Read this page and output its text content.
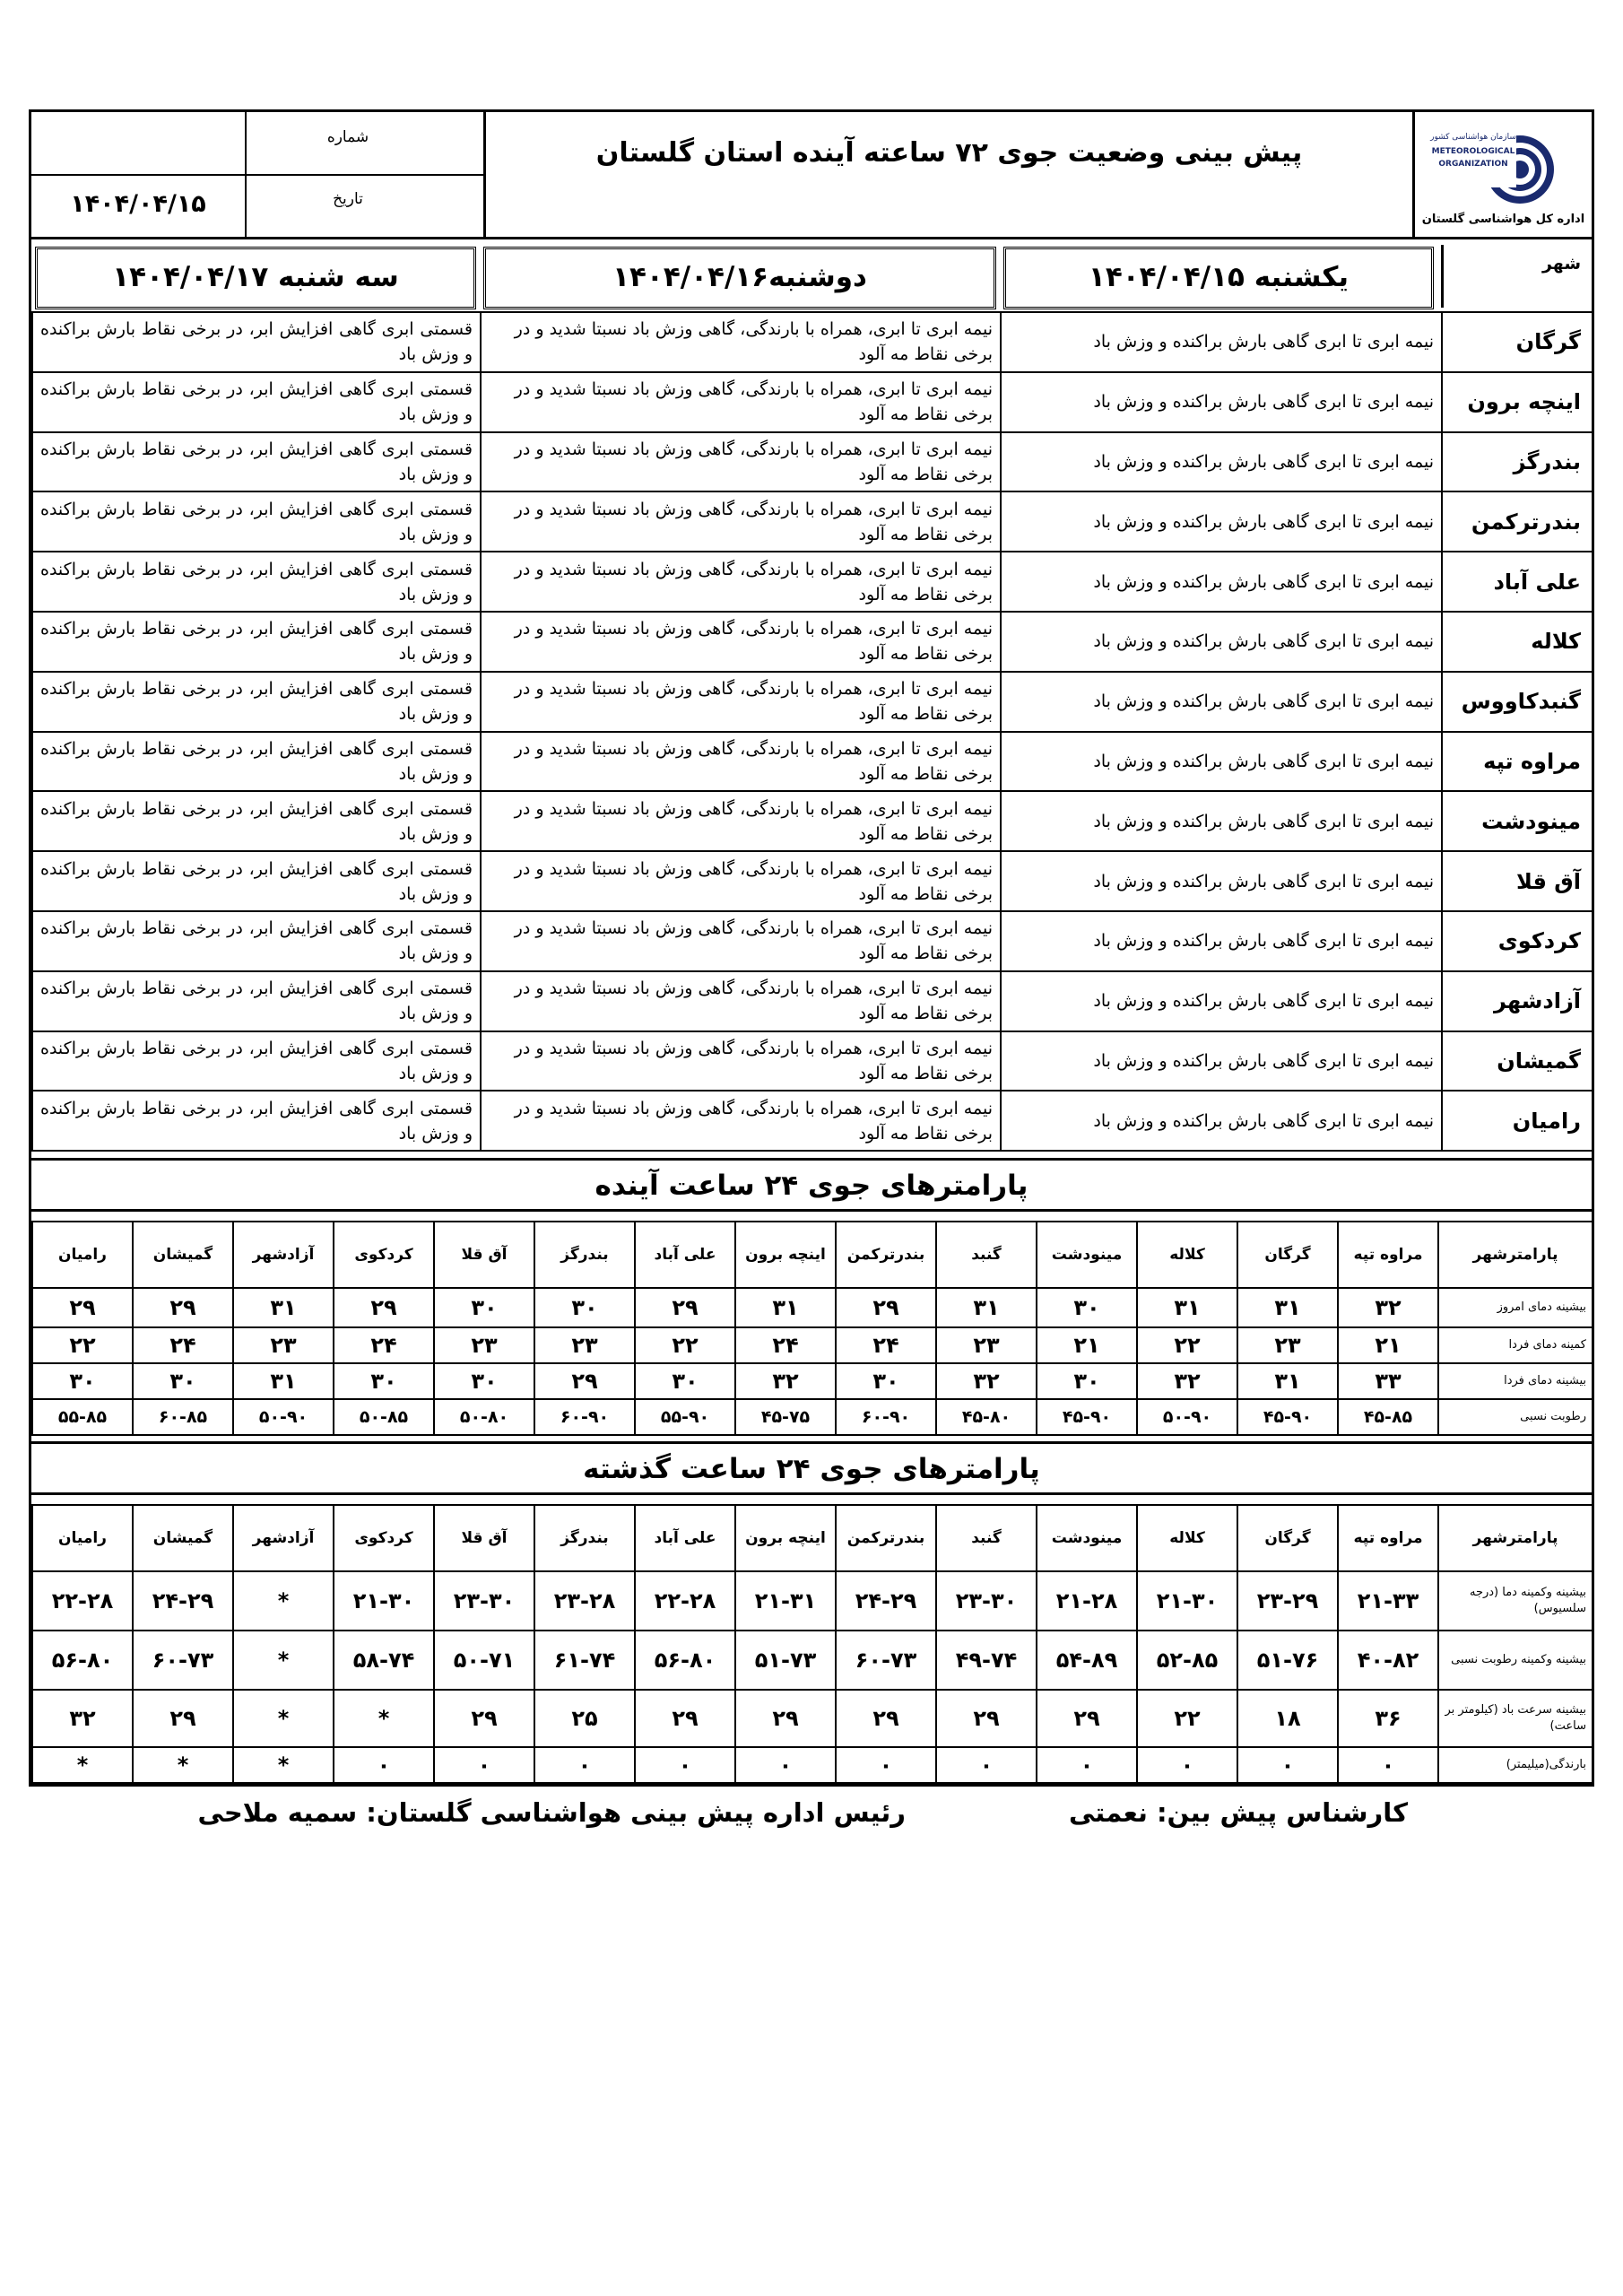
سازمان هواشناسی کشور
METEOROLOGICAL
ORGANIZATION
اداره کل هواشناسی گلستان
پیش بینی وضعیت جوی ۷۲ ساعته آینده استان گلستان
شماره
تاریخ
۱۴۰۴/۰۴/۱۵
شهر
یکشنبه ۱۴۰۴/۰۴/۱۵
دوشنبه۱۴۰۴/۰۴/۱۶
سه شنبه ۱۴۰۴/۰۴/۱۷
قسمتی ابری گاهی افزایش ابر، در برخی نقاط بارش براکنده و وزش باد	نیمه ابری تا ابری، همراه با بارندگی، گاهی وزش باد نسبتا شدید و در برخی نقاط مه آلود	نیمه ابری تا ابری گاهی بارش براکنده و وزش باد	گرگان
قسمتی ابری گاهی افزایش ابر، در برخی نقاط بارش براکنده و وزش باد	نیمه ابری تا ابری، همراه با بارندگی، گاهی وزش باد نسبتا شدید و در برخی نقاط مه آلود	نیمه ابری تا ابری گاهی بارش براکنده و وزش باد	اینچه برون
قسمتی ابری گاهی افزایش ابر، در برخی نقاط بارش براکنده و وزش باد	نیمه ابری تا ابری، همراه با بارندگی، گاهی وزش باد نسبتا شدید و در برخی نقاط مه آلود	نیمه ابری تا ابری گاهی بارش براکنده و وزش باد	بندرگز
قسمتی ابری گاهی افزایش ابر، در برخی نقاط بارش براکنده و وزش باد	نیمه ابری تا ابری، همراه با بارندگی، گاهی وزش باد نسبتا شدید و در برخی نقاط مه آلود	نیمه ابری تا ابری گاهی بارش براکنده و وزش باد	بندرترکمن
قسمتی ابری گاهی افزایش ابر، در برخی نقاط بارش براکنده و وزش باد	نیمه ابری تا ابری، همراه با بارندگی، گاهی وزش باد نسبتا شدید و در برخی نقاط مه آلود	نیمه ابری تا ابری گاهی بارش براکنده و وزش باد	علی آباد
قسمتی ابری گاهی افزایش ابر، در برخی نقاط بارش براکنده و وزش باد	نیمه ابری تا ابری، همراه با بارندگی، گاهی وزش باد نسبتا شدید و در برخی نقاط مه آلود	نیمه ابری تا ابری گاهی بارش براکنده و وزش باد	کلاله
قسمتی ابری گاهی افزایش ابر، در برخی نقاط بارش براکنده و وزش باد	نیمه ابری تا ابری، همراه با بارندگی، گاهی وزش باد نسبتا شدید و در برخی نقاط مه آلود	نیمه ابری تا ابری گاهی بارش براکنده و وزش باد	گنبدکاووس
قسمتی ابری گاهی افزایش ابر، در برخی نقاط بارش براکنده و وزش باد	نیمه ابری تا ابری، همراه با بارندگی، گاهی وزش باد نسبتا شدید و در برخی نقاط مه آلود	نیمه ابری تا ابری گاهی بارش براکنده و وزش باد	مراوه تپه
قسمتی ابری گاهی افزایش ابر، در برخی نقاط بارش براکنده و وزش باد	نیمه ابری تا ابری، همراه با بارندگی، گاهی وزش باد نسبتا شدید و در برخی نقاط مه آلود	نیمه ابری تا ابری گاهی بارش براکنده و وزش باد	مینودشت
قسمتی ابری گاهی افزایش ابر، در برخی نقاط بارش براکنده و وزش باد	نیمه ابری تا ابری، همراه با بارندگی، گاهی وزش باد نسبتا شدید و در برخی نقاط مه آلود	نیمه ابری تا ابری گاهی بارش براکنده و وزش باد	آق قلا
قسمتی ابری گاهی افزایش ابر، در برخی نقاط بارش براکنده و وزش باد	نیمه ابری تا ابری، همراه با بارندگی، گاهی وزش باد نسبتا شدید و در برخی نقاط مه آلود	نیمه ابری تا ابری گاهی بارش براکنده و وزش باد	کردکوی
قسمتی ابری گاهی افزایش ابر، در برخی نقاط بارش براکنده و وزش باد	نیمه ابری تا ابری، همراه با بارندگی، گاهی وزش باد نسبتا شدید و در برخی نقاط مه آلود	نیمه ابری تا ابری گاهی بارش براکنده و وزش باد	آزادشهر
قسمتی ابری گاهی افزایش ابر، در برخی نقاط بارش براکنده و وزش باد	نیمه ابری تا ابری، همراه با بارندگی، گاهی وزش باد نسبتا شدید و در برخی نقاط مه آلود	نیمه ابری تا ابری گاهی بارش براکنده و وزش باد	گمیشان
قسمتی ابری گاهی افزایش ابر، در برخی نقاط بارش براکنده و وزش باد	نیمه ابری تا ابری، همراه با بارندگی، گاهی وزش باد نسبتا شدید و در برخی نقاط مه آلود	نیمه ابری تا ابری گاهی بارش براکنده و وزش باد	رامیان
پارامترهای جوی ۲۴ ساعت آینده
رامیان	گمیشان	آزادشهر	کردکوی	آق قلا	بندرگز	علی آباد	اینچه برون	بندرترکمن	گنبد	مینودشت	کلاله	گرگان	مراوه تپه	پارامترشهر
۲۹	۲۹	۳۱	۲۹	۳۰	۳۰	۲۹	۳۱	۲۹	۳۱	۳۰	۳۱	۳۱	۳۲	بیشینه دمای امروز
۲۲	۲۴	۲۳	۲۴	۲۳	۲۳	۲۲	۲۴	۲۴	۲۳	۲۱	۲۲	۲۳	۲۱	کمینه دمای فردا
۳۰	۳۰	۳۱	۳۰	۳۰	۲۹	۳۰	۳۲	۳۰	۳۲	۳۰	۳۲	۳۱	۳۳	بیشینه دمای فردا
۵۵-۸۵	۶۰-۸۵	۵۰-۹۰	۵۰-۸۵	۵۰-۸۰	۶۰-۹۰	۵۵-۹۰	۴۵-۷۵	۶۰-۹۰	۴۵-۸۰	۴۵-۹۰	۵۰-۹۰	۴۵-۹۰	۴۵-۸۵	رطوبت نسبی
پارامترهای جوی ۲۴ ساعت گذشته
رامیان	گمیشان	آزادشهر	کردکوی	آق قلا	بندرگز	علی آباد	اینچه برون	بندرترکمن	گنبد	مینودشت	کلاله	گرگان	مراوه تپه	پارامترشهر
۲۲-۲۸	۲۴-۲۹	*	۲۱-۳۰	۲۳-۳۰	۲۳-۲۸	۲۲-۲۸	۲۱-۳۱	۲۴-۲۹	۲۳-۳۰	۲۱-۲۸	۲۱-۳۰	۲۳-۲۹	۲۱-۳۳	بیشینه وکمینه دما (درجه سلسیوس)
۵۶-۸۰	۶۰-۷۳	*	۵۸-۷۴	۵۰-۷۱	۶۱-۷۴	۵۶-۸۰	۵۱-۷۳	۶۰-۷۳	۴۹-۷۴	۵۴-۸۹	۵۲-۸۵	۵۱-۷۶	۴۰-۸۲	بیشینه وکمینه رطوبت نسبی
۳۲	۲۹	*	*	۲۹	۲۵	۲۹	۲۹	۲۹	۲۹	۲۹	۲۲	۱۸	۳۶	بیشینه سرعت باد (کیلومتر بر ساعت)
*	*	*	۰	۰	۰	۰	۰	۰	۰	۰	۰	۰	۰	بارندگی(میلیمتر)
کارشناس پیش بین: نعمتی
رئیس اداره پیش بینی هواشناسی گلستان: سمیه ملاحی
